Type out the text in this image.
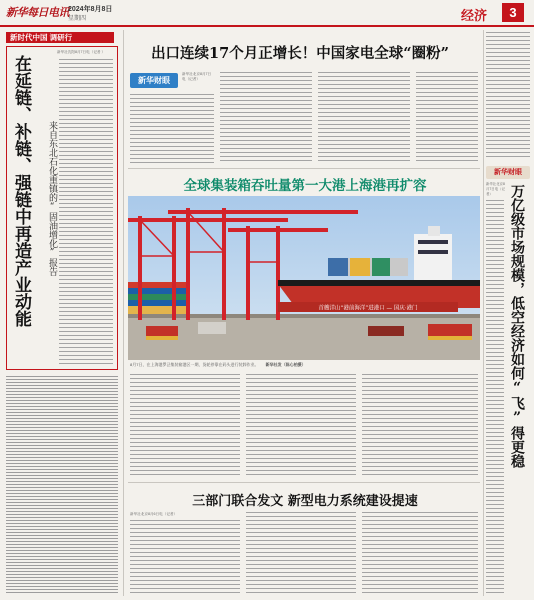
新华每日电讯 2024年8月8日
星期四	经济	3
新时代中国 调研行
在延链、补链、强链中再造产业动能 来自东北石化重镇的“固油增化”报告
新华社沈阳8月7日电（记者 ）	出口连续17个月正增长！中国家电全球“圈粉”
新华财眼
新华社北京8月7日电（记者）
全球集装箱吞吐量第一大港上海港再扩容
首艘洋山“港前海洋”进港口 — 国庆·港门
8月7日，在上海港罗泾集装箱港区一期，货轮停靠在码头进行装卸作业。 新华社发（陈心柏摄）
三部门联合发文 新型电力系统建设提速
新华社北京8月6日电（记者）
新华财眼
万亿级市场规模，低空经济如何“飞”得更稳
新华社北京8月7日电（记者）
